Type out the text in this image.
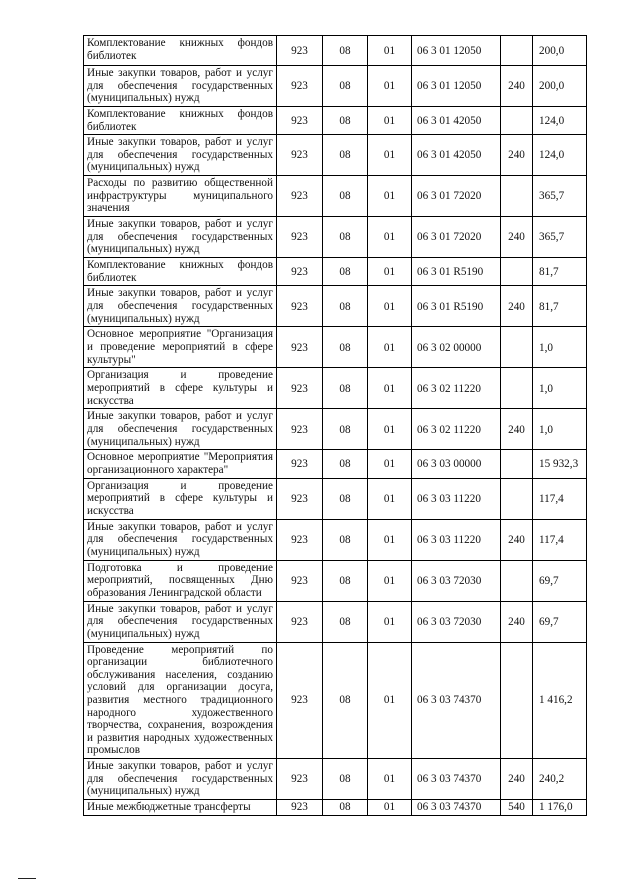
Комплектование книжных фондов библиотек	923	08	01	06 3 01 12050		200,0
Иные закупки товаров, работ и услуг для обеспечения государственных (муниципальных) нужд	923	08	01	06 3 01 12050	240	200,0
Комплектование книжных фондов библиотек	923	08	01	06 3 01 42050		124,0
Иные закупки товаров, работ и услуг для обеспечения государственных (муниципальных) нужд	923	08	01	06 3 01 42050	240	124,0
Расходы по развитию общественной инфраструктуры муниципального значения	923	08	01	06 3 01 72020		365,7
Иные закупки товаров, работ и услуг для обеспечения государственных (муниципальных) нужд	923	08	01	06 3 01 72020	240	365,7
Комплектование книжных фондов библиотек	923	08	01	06 3 01 R5190		81,7
Иные закупки товаров, работ и услуг для обеспечения государственных (муниципальных) нужд	923	08	01	06 3 01 R5190	240	81,7
Основное мероприятие "Организация и проведение мероприятий в сфере культуры"	923	08	01	06 3 02 00000		1,0
Организация и проведение мероприятий в сфере культуры и искусства	923	08	01	06 3 02 11220		1,0
Иные закупки товаров, работ и услуг для обеспечения государственных (муниципальных) нужд	923	08	01	06 3 02 11220	240	1,0
Основное мероприятие "Мероприятия организационного характера"	923	08	01	06 3 03 00000		15 932,3
Организация и проведение мероприятий в сфере культуры и искусства	923	08	01	06 3 03 11220		117,4
Иные закупки товаров, работ и услуг для обеспечения государственных (муниципальных) нужд	923	08	01	06 3 03 11220	240	117,4
Подготовка и проведение мероприятий, посвященных Дню образования Ленинградской области	923	08	01	06 3 03 72030		69,7
Иные закупки товаров, работ и услуг для обеспечения государственных (муниципальных) нужд	923	08	01	06 3 03 72030	240	69,7
Проведение мероприятий по организации библиотечного обслуживания населения, созданию условий для организации досуга, развития местного традиционного народного художественного творчества, сохранения, возрождения и развития народных художественных промыслов	923	08	01	06 3 03 74370		1 416,2
Иные закупки товаров, работ и услуг для обеспечения государственных (муниципальных) нужд	923	08	01	06 3 03 74370	240	240,2
Иные межбюджетные трансферты	923	08	01	06 3 03 74370	540	1 176,0
